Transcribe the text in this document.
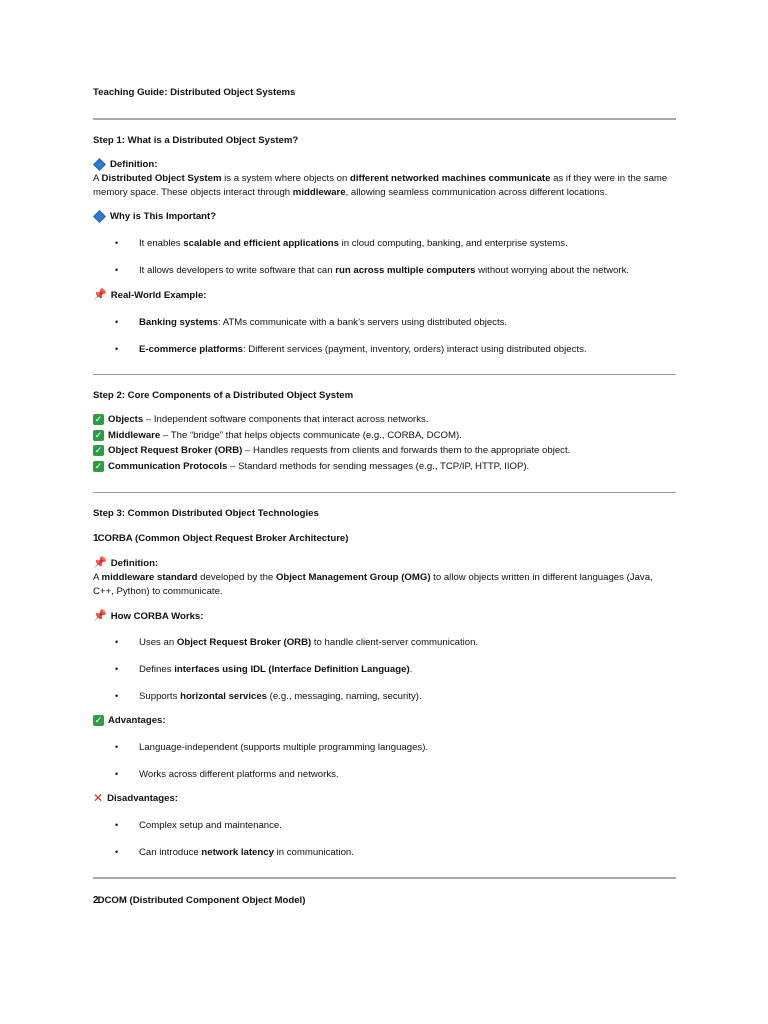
Teaching Guide: Distributed Object Systems
Step 1: What is a Distributed Object System?
Definition:
A Distributed Object System is a system where objects on different networked machines communicate as if they were in the same memory space. These objects interact through middleware, allowing seamless communication across different locations.
Why is This Important?
• It enables scalable and efficient applications in cloud computing, banking, and enterprise systems.
• It allows developers to write software that can run across multiple computers without worrying about the network.
📌 Real-World Example:
• Banking systems: ATMs communicate with a bank’s servers using distributed objects.
• E-commerce platforms: Different services (payment, inventory, orders) interact using distributed objects.
Step 2: Core Components of a Distributed Object System
✓ Objects – Independent software components that interact across networks.
✓ Middleware – The “bridge” that helps objects communicate (e.g., CORBA, DCOM).
✓ Object Request Broker (ORB) – Handles requests from clients and forwards them to the appropriate object.
✓ Communication Protocols – Standard methods for sending messages (e.g., TCP/IP, HTTP, IIOP).
Step 3: Common Distributed Object Technologies
1CORBA (Common Object Request Broker Architecture)
📌 Definition:
A middleware standard developed by the Object Management Group (OMG) to allow objects written in different languages (Java, C++, Python) to communicate.
📌 How CORBA Works:
• Uses an Object Request Broker (ORB) to handle client-server communication.
• Defines interfaces using IDL (Interface Definition Language).
• Supports horizontal services (e.g., messaging, naming, security).
✓ Advantages:
• Language-independent (supports multiple programming languages).
• Works across different platforms and networks.
✕ Disadvantages:
• Complex setup and maintenance.
• Can introduce network latency in communication.
2DCOM (Distributed Component Object Model)
